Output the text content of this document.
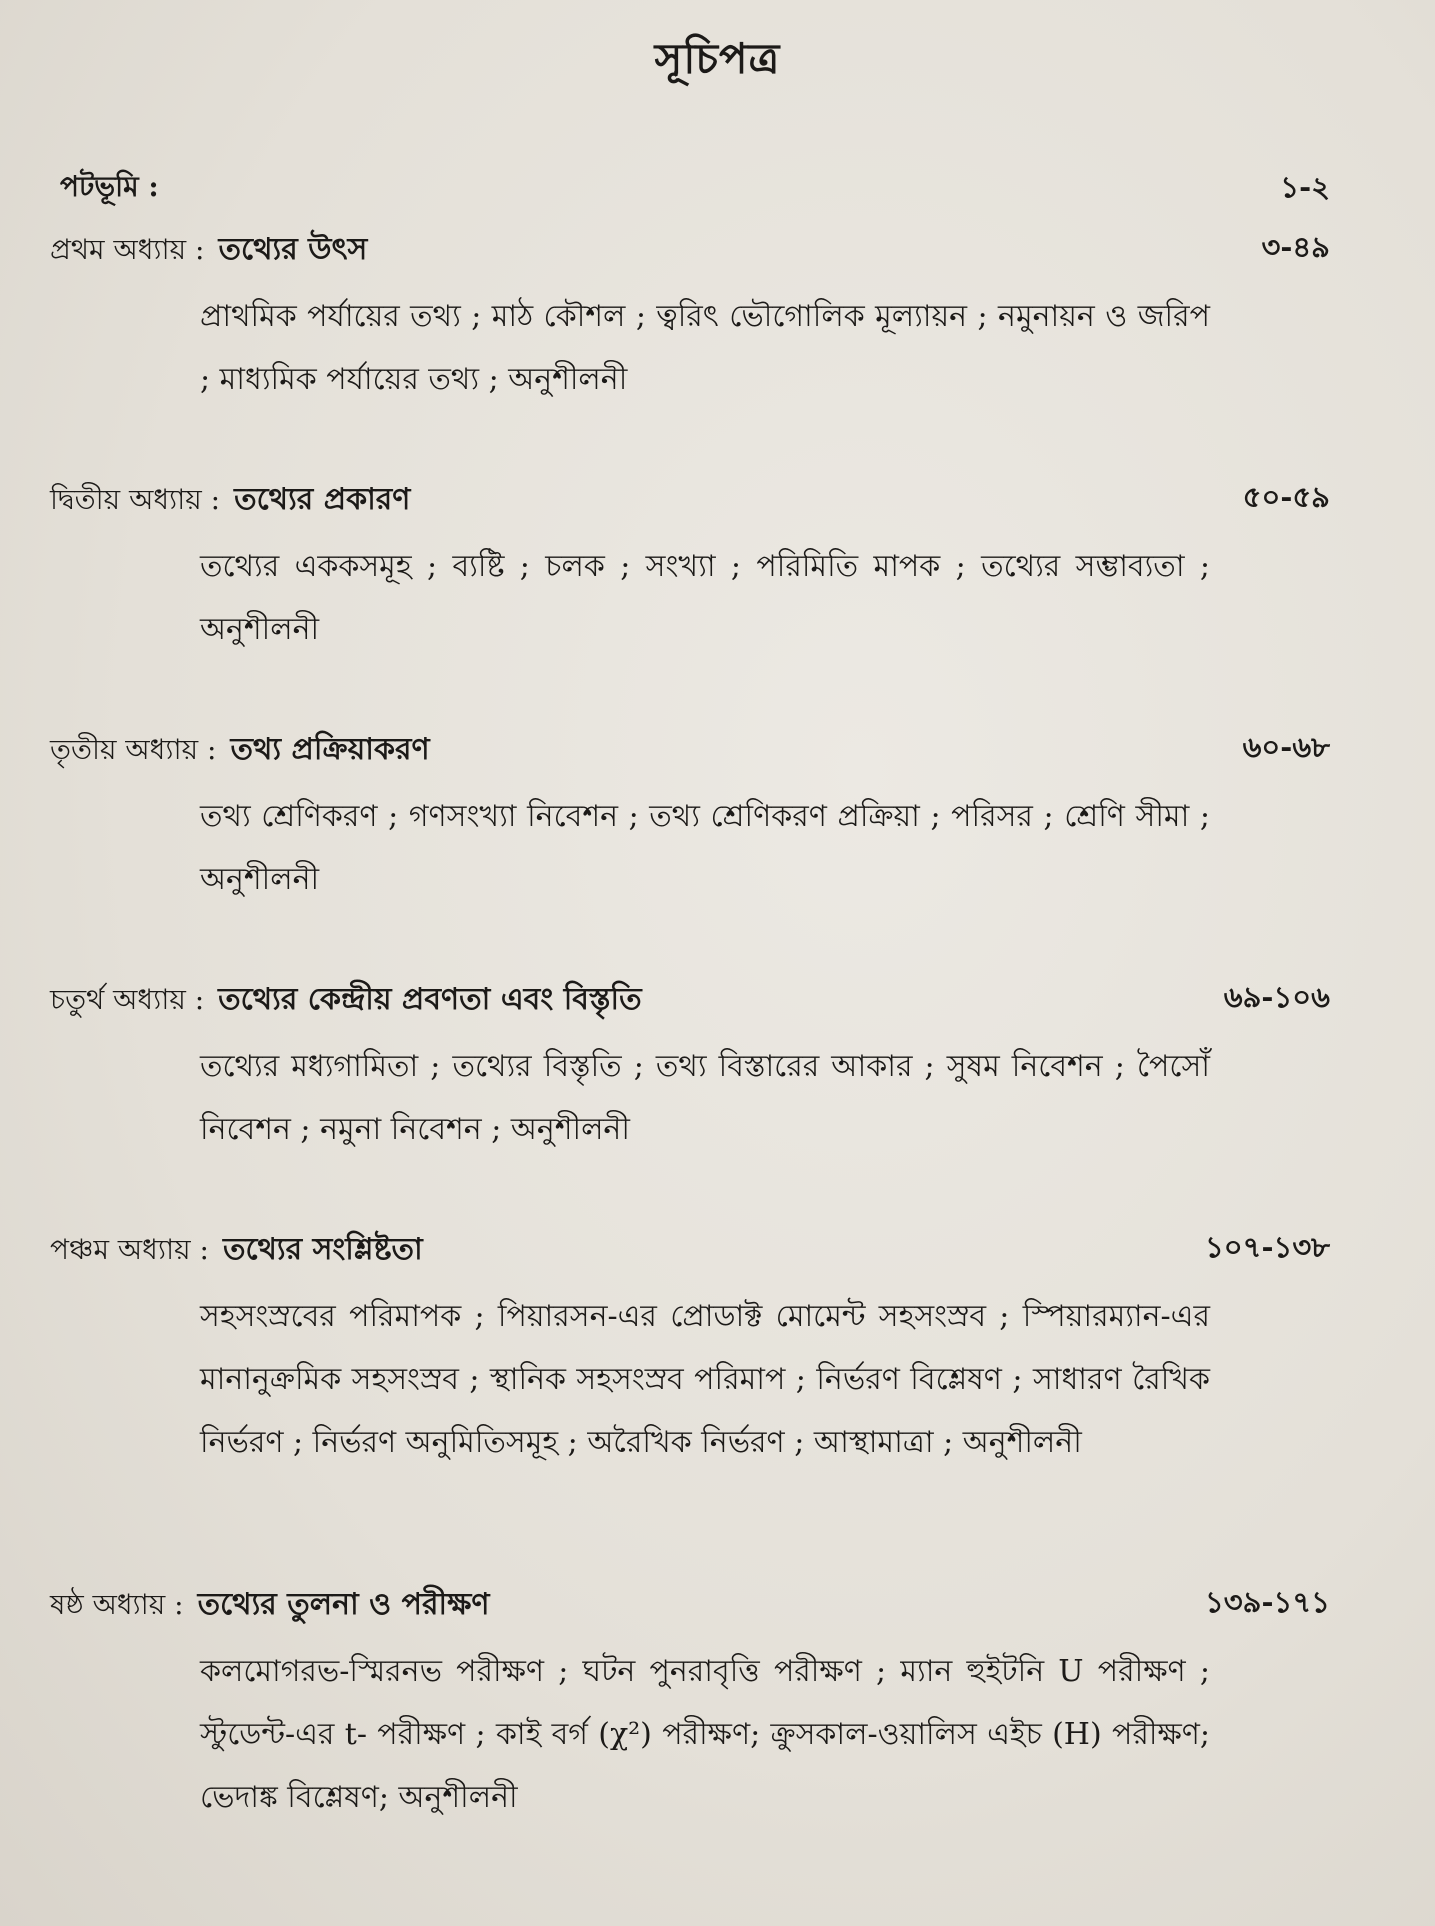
সূচিপত্র
পটভূমি :	১-২
প্রথম অধ্যায় : তথ্যের উৎস	৩-৪৯
প্রাথমিক পর্যায়ের তথ্য ; মাঠ কৌশল ; ত্বরিৎ ভৌগোলিক মূল্যায়ন ; নমুনায়ন ও জরিপ ; মাধ্যমিক পর্যায়ের তথ্য ; অনুশীলনী
দ্বিতীয় অধ্যায় : তথ্যের প্রকারণ	৫০-৫৯
তথ্যের এককসমূহ ; ব্যষ্টি ; চলক ; সংখ্যা ; পরিমিতি মাপক ; তথ্যের সম্ভাব্যতা ; অনুশীলনী
তৃতীয় অধ্যায় : তথ্য প্রক্রিয়াকরণ	৬০-৬৮
তথ্য শ্রেণিকরণ ; গণসংখ্যা নিবেশন ; তথ্য শ্রেণিকরণ প্রক্রিয়া ; পরিসর ; শ্রেণি সীমা ; অনুশীলনী
চতুর্থ অধ্যায় : তথ্যের কেন্দ্রীয় প্রবণতা এবং বিস্তৃতি	৬৯-১০৬
তথ্যের মধ্যগামিতা ; তথ্যের বিস্তৃতি ; তথ্য বিস্তারের আকার ; সুষম নিবেশন ; পৈসোঁ নিবেশন ; নমুনা নিবেশন ; অনুশীলনী
পঞ্চম অধ্যায় : তথ্যের সংশ্লিষ্টতা	১০৭-১৩৮
সহসংস্রবের পরিমাপক ; পিয়ারসন-এর প্রোডাক্ট মোমেন্ট সহসংস্রব ; স্পিয়ারম্যান-এর মানানুক্রমিক সহসংস্রব ; স্থানিক সহসংস্রব পরিমাপ ; নির্ভরণ বিশ্লেষণ ; সাধারণ রৈখিক নির্ভরণ ; নির্ভরণ অনুমিতিসমূহ ; অরৈখিক নির্ভরণ ; আস্থামাত্রা ; অনুশীলনী
ষষ্ঠ অধ্যায় : তথ্যের তুলনা ও পরীক্ষণ	১৩৯-১৭১
কলমোগরভ-স্মিরনভ পরীক্ষণ ; ঘটন পুনরাবৃত্তি পরীক্ষণ ; ম্যান হুইটনি U পরীক্ষণ ; স্টুডেন্ট-এর t- পরীক্ষণ ; কাই বর্গ (χ²) পরীক্ষণ; ক্রুসকাল-ওয়ালিস এইচ (H) পরীক্ষণ; ভেদাঙ্ক বিশ্লেষণ; অনুশীলনী
